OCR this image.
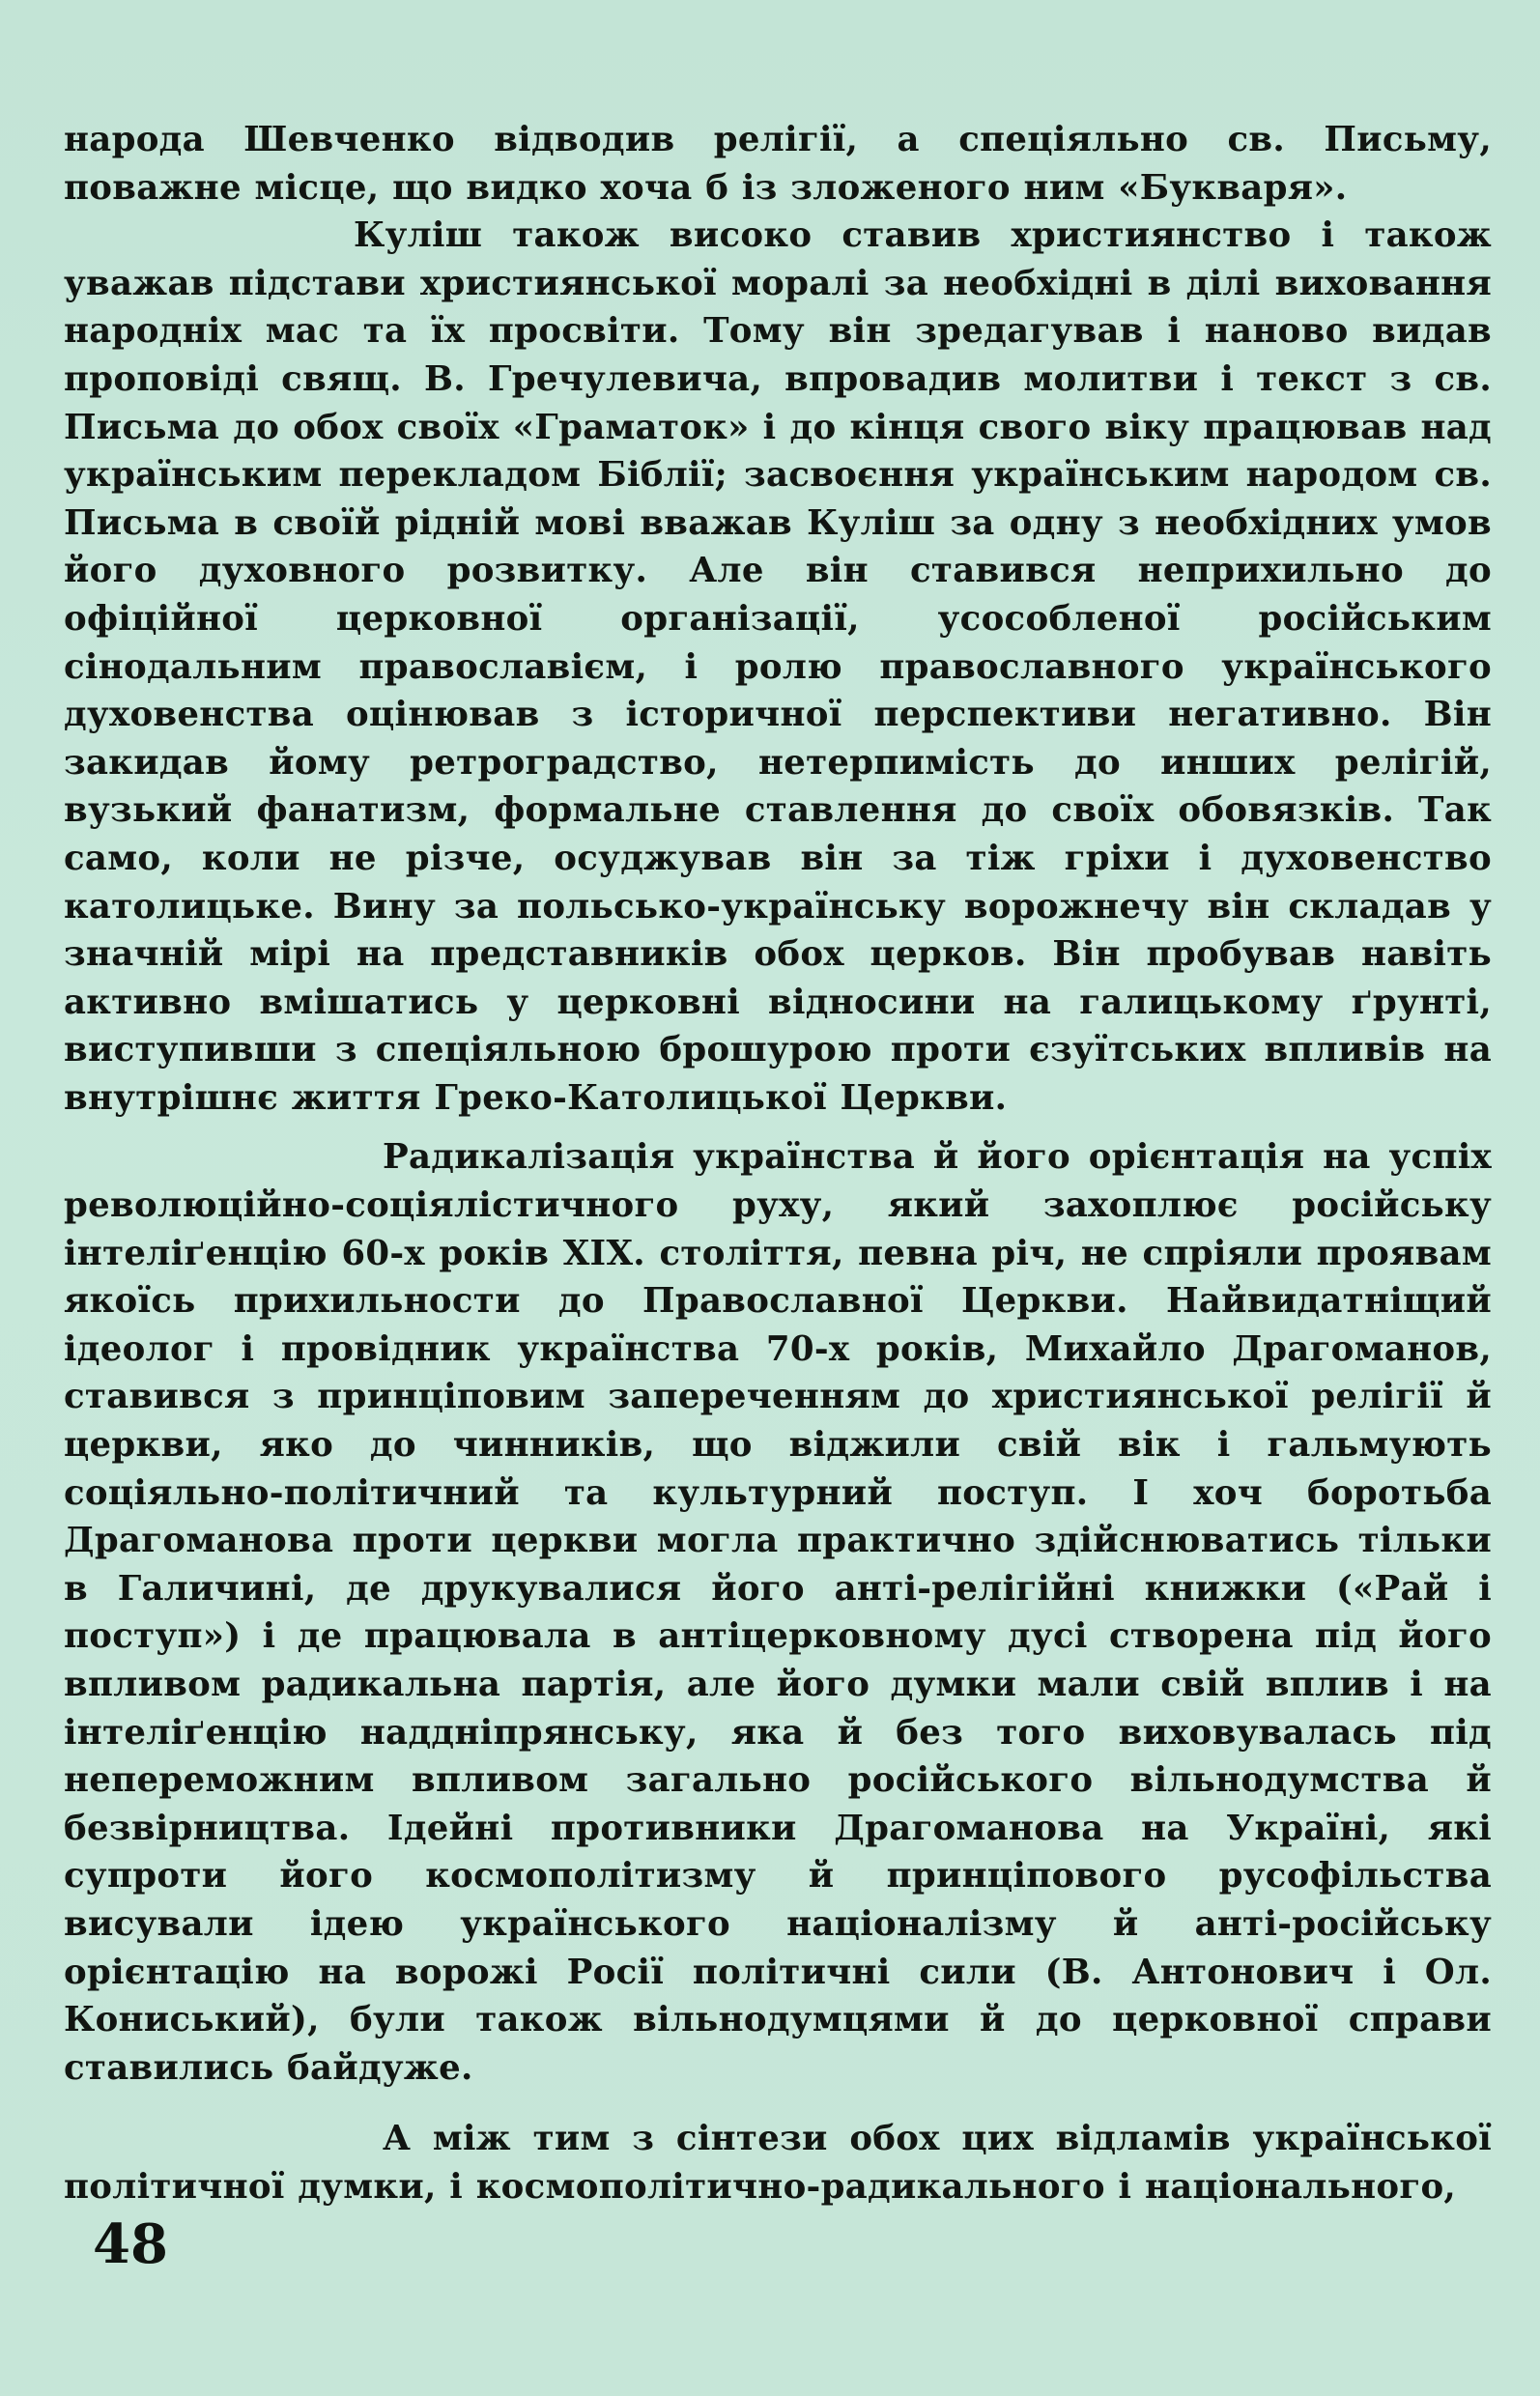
народа Шевченко відводив релігії, а спеціяльно св. Письму, поважне місце, що видко хоча б із зложеного ним «Букваря».

Куліш також високо ставив християнство і також уважав підстави християнської моралі за необхідні в ділі виховання народніх мас та їх просвіти. Тому він зредагував і наново видав проповіді свящ. В. Гречулевича, впровадив молитви і текст з св. Письма до обох своїх «Граматок» і до кінця свого віку працював над українським перекладом Біблії; засвоєння українським народом св. Письма в своїй рідній мові вважав Куліш за одну з необхідних умов його духовного розвитку. Але він ставився неприхильно до офіційної церковної організації, усособленої російським сінодальним православієм, і ролю православного українського духовенства оцінював з історичної перспективи негативно. Він закидав йому ретроградство, нетерпимість до инших релігій, вузький фанатизм, формальне ставлення до своїх обовязків. Так само, коли не різче, осуджував він за тіж гріхи і духовенство католицьке. Вину за польсько-українську ворожнечу він складав у значній мірі на представників обох церков. Він пробував навіть активно вмішатись у церковні відносини на галицькому ґрунті, виступивши з спеціяльною брошурою проти єзуїтських впливів на внутрішнє життя Греко-Католицької Церкви.

Радикалізація українства й його орієнтація на успіх революційно-соціялістичного руху, який захоплює російську інтеліґенцію 60-х років XIX. століття, певна річ, не спріяли проявам якоїсь прихильности до Православної Церкви. Найвидатніщий ідеолог і провідник українства 70-х років, Михайло Драгоманов, ставився з принціповим запереченням до християнської релігії й церкви, яко до чинників, що віджили свій вік і гальмують соціяльно-політичний та культурний поступ. І хоч боротьба Драгоманова проти церкви могла практично здійснюватись тільки в Галичині, де друкувалися його анті-релігійні книжки («Рай і поступ») і де працювала в антіцерковному дусі створена під його впливом радикальна партія, але його думки мали свій вплив і на інтеліґенцію наддніпрянську, яка й без того виховувалась під непереможним впливом загально російського вільнодумства й безвірництва. Ідейні противники Драгоманова на Україні, які супроти його космополітизму й принціпового русофільства висували ідею українського націоналізму й анті-російську орієнтацію на ворожі Росії політичні сили (В. Антонович і Ол. Кониський), були також вільнодумцями й до церковної справи ставились байдуже.

А між тим з сінтези обох цих відламів української політичної думки, і космополітично-радикального і національного,

48
